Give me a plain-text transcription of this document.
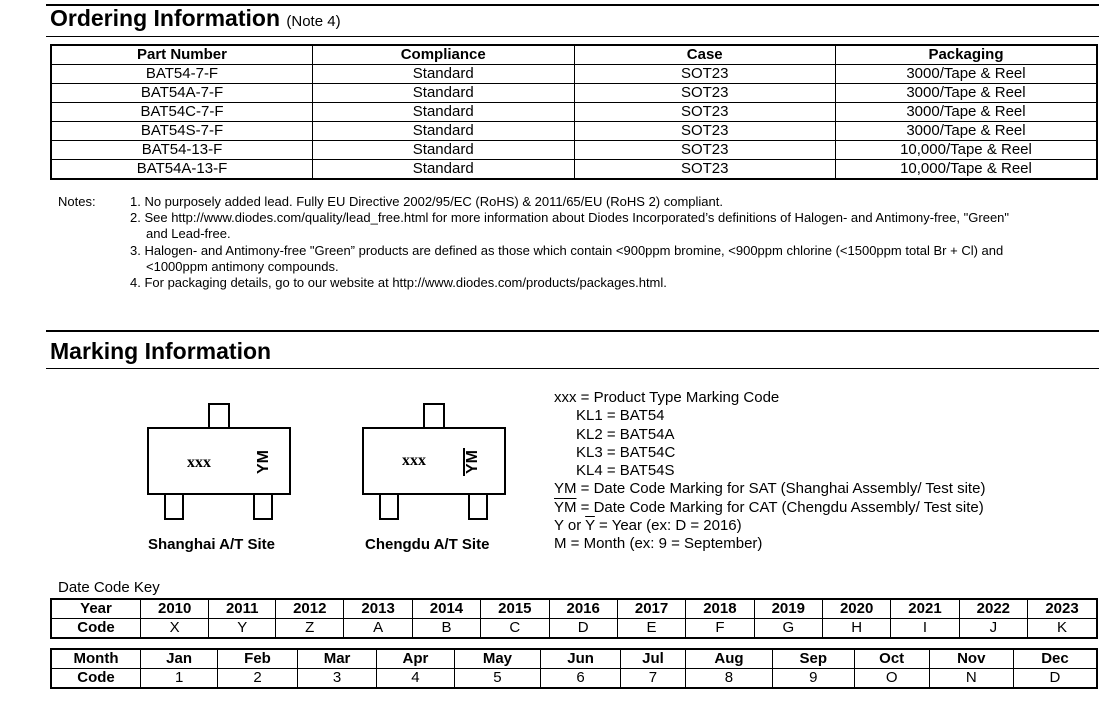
Ordering Information (Note 4)
Part Number	Compliance	Case	Packaging
BAT54-7-F	Standard	SOT23	3000/Tape & Reel
BAT54A-7-F	Standard	SOT23	3000/Tape & Reel
BAT54C-7-F	Standard	SOT23	3000/Tape & Reel
BAT54S-7-F	Standard	SOT23	3000/Tape & Reel
BAT54-13-F	Standard	SOT23	10,000/Tape & Reel
BAT54A-13-F	Standard	SOT23	10,000/Tape & Reel
Notes:	1. No purposely added lead. Fully EU Directive 2002/95/EC (RoHS) & 2011/65/EU (RoHS 2) compliant.
2. See http://www.diodes.com/quality/lead_free.html for more information about Diodes Incorporated’s definitions of Halogen- and Antimony-free, "Green"
and Lead-free.
3. Halogen- and Antimony-free "Green” products are defined as those which contain <900ppm bromine, <900ppm chlorine (<1500ppm total Br + Cl) and
<1000ppm antimony compounds.
4. For packaging details, go to our website at http://www.diodes.com/products/packages.html.
Marking Information
xxx	YM
Shanghai A/T Site
xxx YM
Chengdu A/T Site
xxx = Product Type Marking Code
KL1 = BAT54
KL2 = BAT54A
KL3 = BAT54C
KL4 = BAT54S
YM = Date Code Marking for SAT (Shanghai Assembly/ Test site)
$\overline{YM}$ = Date Code Marking for CAT (Chengdu Assembly/ Test site)
Y or $\overline{Y}$ = Year (ex: D = 2016)
M = Month (ex: 9 = September)
Date Code Key
Year	2010	2011	2012	2013	2014	2015	2016	2017	2018	2019	2020	2021	2022	2023
Code	X	Y	Z	A	B	C	D	E	F	G	H	I	J	K
Month	Jan	Feb	Mar	Apr	May	Jun	Jul	Aug	Sep	Oct	Nov	Dec
Code	1	2	3	4	5	6	7	8	9	O	N	D
